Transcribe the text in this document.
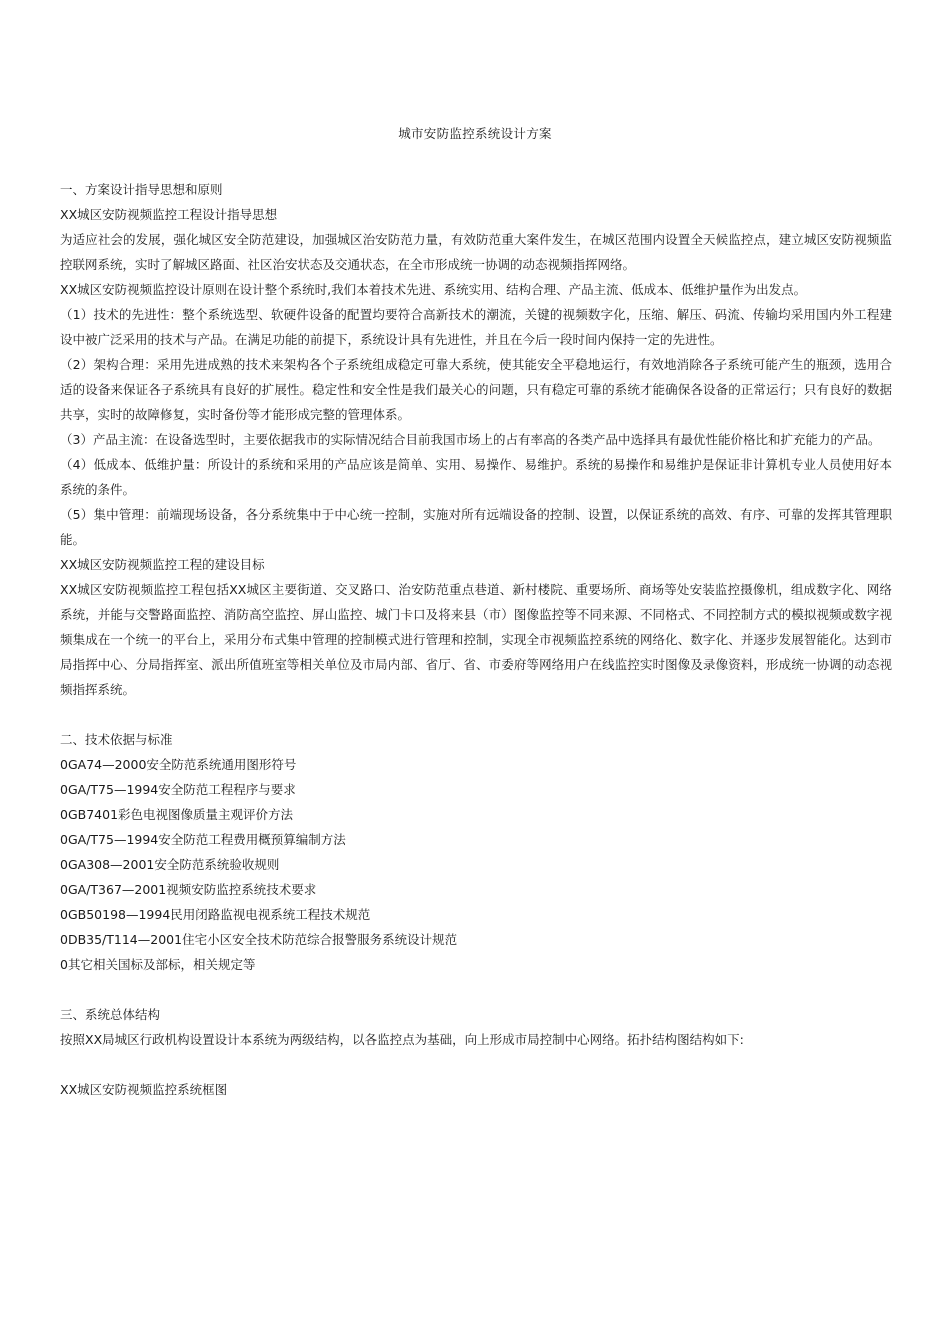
城市安防监控系统设计方案
一、方案设计指导思想和原则
XX城区安防视频监控工程设计指导思想
为适应社会的发展，强化城区安全防范建设，加强城区治安防范力量，有效防范重大案件发生，在城区范围内设置全天候监控点，建立城区安防视频监控联网系统，实时了解城区路面、社区治安状态及交通状态，在全市形成统一协调的动态视频指挥网络。
XX城区安防视频监控设计原则在设计整个系统时,我们本着技术先进、系统实用、结构合理、产品主流、低成本、低维护量作为出发点。
（1）技术的先进性：整个系统选型、软硬件设备的配置均要符合高新技术的潮流，关键的视频数字化，压缩、解压、码流、传输均采用国内外工程建设中被广泛采用的技术与产品。在满足功能的前提下，系统设计具有先进性，并且在今后一段时间内保持一定的先进性。
（2）架构合理：采用先进成熟的技术来架构各个子系统组成稳定可靠大系统，使其能安全平稳地运行，有效地消除各子系统可能产生的瓶颈，选用合适的设备来保证各子系统具有良好的扩展性。稳定性和安全性是我们最关心的问题，只有稳定可靠的系统才能确保各设备的正常运行；只有良好的数据共享，实时的故障修复，实时备份等才能形成完整的管理体系。
（3）产品主流：在设备选型时，主要依据我市的实际情况结合目前我国市场上的占有率高的各类产品中选择具有最优性能价格比和扩充能力的产品。
（4）低成本、低维护量：所设计的系统和采用的产品应该是简单、实用、易操作、易维护。系统的易操作和易维护是保证非计算机专业人员使用好本系统的条件。
（5）集中管理：前端现场设备，各分系统集中于中心统一控制，实施对所有远端设备的控制、设置，以保证系统的高效、有序、可靠的发挥其管理职能。
XX城区安防视频监控工程的建设目标
XX城区安防视频监控工程包括XX城区主要街道、交叉路口、治安防范重点巷道、新村楼院、重要场所、商场等处安装监控摄像机，组成数字化、网络系统，并能与交警路面监控、消防高空监控、屏山监控、城门卡口及将来县（市）图像监控等不同来源、不同格式、不同控制方式的模拟视频或数字视频集成在一个统一的平台上，采用分布式集中管理的控制模式进行管理和控制，实现全市视频监控系统的网络化、数字化、并逐步发展智能化。达到市局指挥中心、分局指挥室、派出所值班室等相关单位及市局内部、省厅、省、市委府等网络用户在线监控实时图像及录像资料，形成统一协调的动态视频指挥系统。
二、技术依据与标准
0GA74—2000安全防范系统通用图形符号
0GA/T75—1994安全防范工程程序与要求
0GB7401彩色电视图像质量主观评价方法
0GA/T75—1994安全防范工程费用概预算编制方法
0GA308—2001安全防范系统验收规则
0GA/T367—2001视频安防监控系统技术要求
0GB50198—1994民用闭路监视电视系统工程技术规范
0DB35/T114—2001住宅小区安全技术防范综合报警服务系统设计规范
0其它相关国标及部标，相关规定等
三、系统总体结构
按照XX局城区行政机构设置设计本系统为两级结构，以各监控点为基础，向上形成市局控制中心网络。拓扑结构图结构如下:
XX城区安防视频监控系统框图
